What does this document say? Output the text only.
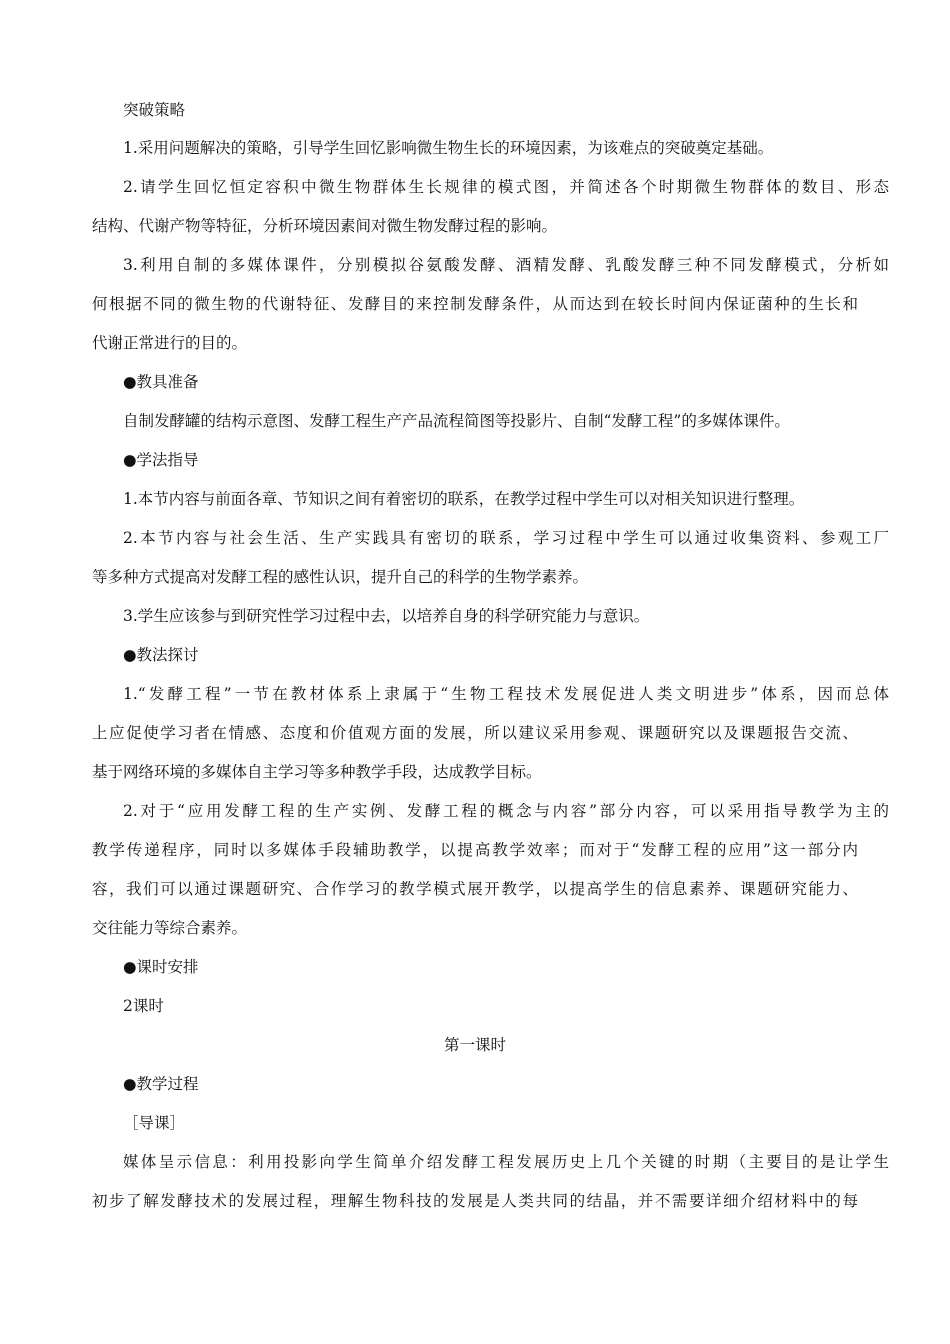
突破策略
1.采用问题解决的策略，引导学生回忆影响微生物生长的环境因素，为该难点的突破奠定基础。
2.请学生回忆恒定容积中微生物群体生长规律的模式图，并简述各个时期微生物群体的数目、形态
结构、代谢产物等特征，分析环境因素间对微生物发酵过程的影响。
3.利用自制的多媒体课件，分别模拟谷氨酸发酵、酒精发酵、乳酸发酵三种不同发酵模式，分析如
何根据不同的微生物的代谢特征、发酵目的来控制发酵条件，从而达到在较长时间内保证菌种的生长和
代谢正常进行的目的。
●教具准备
自制发酵罐的结构示意图、发酵工程生产产品流程简图等投影片、自制“发酵工程”的多媒体课件。
●学法指导
1.本节内容与前面各章、节知识之间有着密切的联系，在教学过程中学生可以对相关知识进行整理。
2.本节内容与社会生活、生产实践具有密切的联系，学习过程中学生可以通过收集资料、参观工厂
等多种方式提高对发酵工程的感性认识，提升自己的科学的生物学素养。
3.学生应该参与到研究性学习过程中去，以培养自身的科学研究能力与意识。
●教法探讨
1.“发酵工程”一节在教材体系上隶属于“生物工程技术发展促进人类文明进步”体系，因而总体
上应促使学习者在情感、态度和价值观方面的发展，所以建议采用参观、课题研究以及课题报告交流、
基于网络环境的多媒体自主学习等多种教学手段，达成教学目标。
2.对于“应用发酵工程的生产实例、发酵工程的概念与内容”部分内容，可以采用指导教学为主的
教学传递程序，同时以多媒体手段辅助教学，以提高教学效率；而对于“发酵工程的应用”这一部分内
容，我们可以通过课题研究、合作学习的教学模式展开教学，以提高学生的信息素养、课题研究能力、
交往能力等综合素养。
●课时安排
2课时
第一课时
●教学过程
［导课］
媒体呈示信息：利用投影向学生简单介绍发酵工程发展历史上几个关键的时期（主要目的是让学生
初步了解发酵技术的发展过程，理解生物科技的发展是人类共同的结晶，并不需要详细介绍材料中的每
